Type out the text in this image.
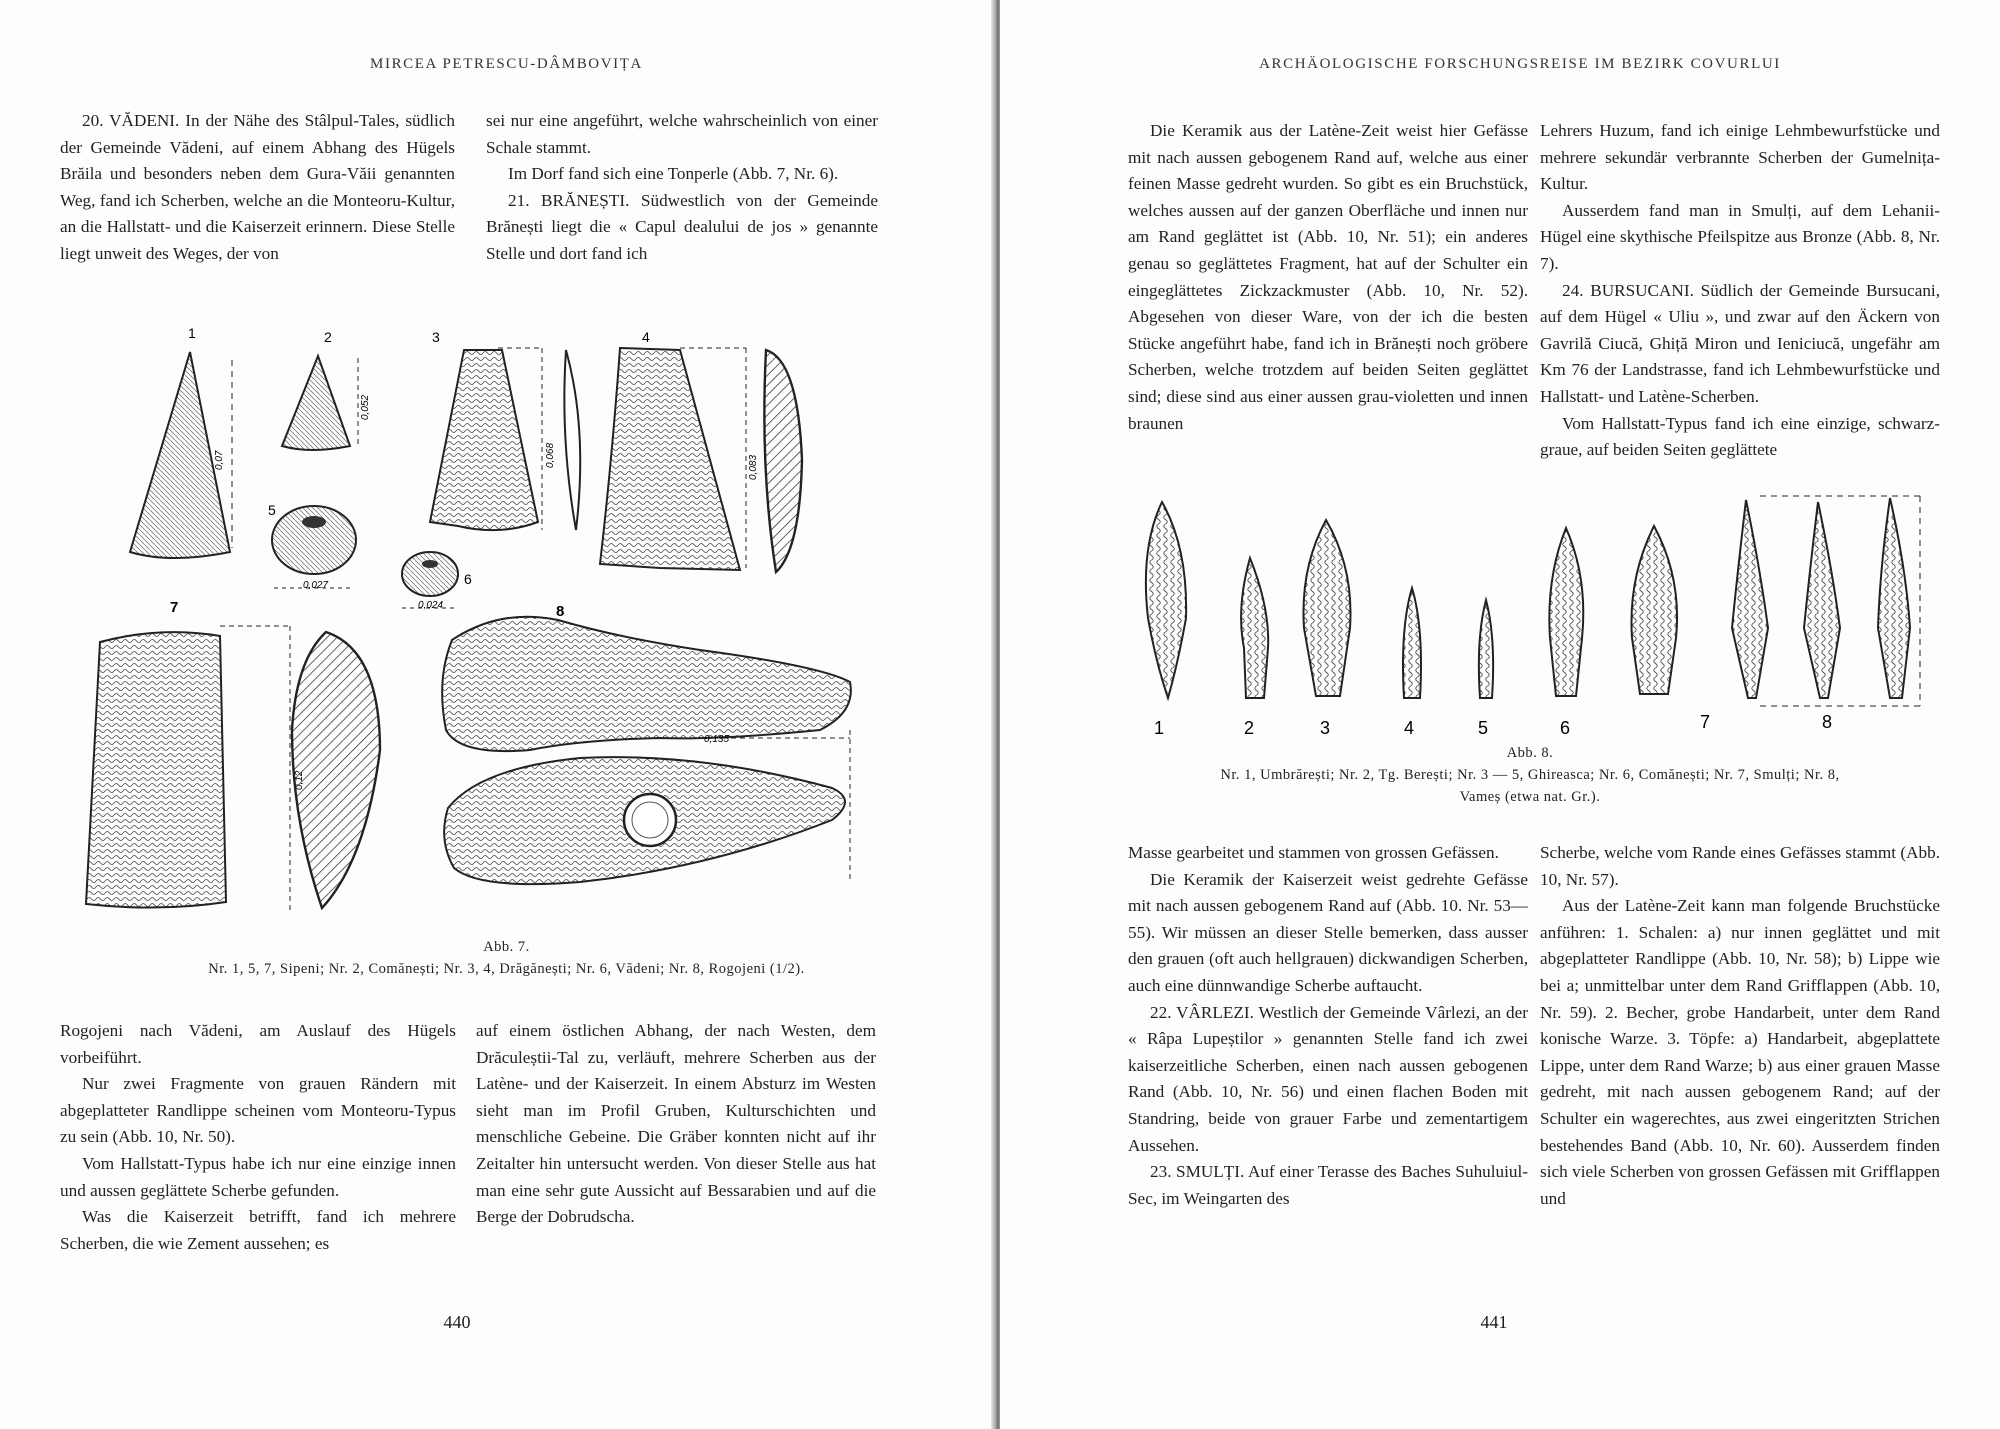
MIRCEA PETRESCU-DÂMBOVIȚA

20. VĂDENI. In der Nähe des Stâlpul-Tales, südlich der Gemeinde Vădeni, auf einem Abhang des Hügels Brăila und besonders neben dem Gura-Văii genannten Weg, fand ich Scherben, welche an die Monteoru-Kultur, an die Hallstatt- und die Kaiserzeit erinnern. Diese Stelle liegt unweit des Weges, der von

sei nur eine angeführt, welche wahrscheinlich von einer Schale stammt.

Im Dorf fand sich eine Tonperle (Abb. 7, Nr. 6).

21. BRĂNEȘTI. Südwestlich von der Gemeinde Brănești liegt die « Capul dealului de jos » genannte Stelle und dort fand ich

1
0,07
2
0,052
3
0,068
4
0,083
5
0,027	6
0,024
7	8
0,135
Abb. 7.
Nr. 1, 5, 7, Sipeni; Nr. 2, Comănești; Nr. 3, 4, Drăgănești; Nr. 6, Vădeni; Nr. 8, Rogojeni (1/2).

Rogojeni nach Vădeni, am Auslauf des Hügels vorbeiführt.

Nur zwei Fragmente von grauen Rändern mit abgeplatteter Randlippe scheinen vom Monteoru-Typus zu sein (Abb. 10, Nr. 50).

Vom Hallstatt-Typus habe ich nur eine einzige innen und aussen geglättete Scherbe gefunden.

Was die Kaiserzeit betrifft, fand ich mehrere Scherben, die wie Zement aussehen; es

auf einem östlichen Abhang, der nach Westen, dem Drăculeștii-Tal zu, verläuft, mehrere Scherben aus der Latène- und der Kaiserzeit. In einem Absturz im Westen sieht man im Profil Gruben, Kulturschichten und menschliche Gebeine. Die Gräber konnten nicht auf ihr Zeitalter hin untersucht werden. Von dieser Stelle aus hat man eine sehr gute Aussicht auf Bessarabien und auf die Berge der Dobrudscha.

440
ARCHÄOLOGISCHE FORSCHUNGSREISE IM BEZIRK COVURLUI

Die Keramik aus der Latène-Zeit weist hier Gefässe mit nach aussen gebogenem Rand auf, welche aus einer feinen Masse gedreht wurden. So gibt es ein Bruchstück, welches aussen auf der ganzen Oberfläche und innen nur am Rand geglättet ist (Abb. 10, Nr. 51); ein anderes genau so geglättetes Fragment, hat auf der Schulter ein eingeglättetes Zickzackmuster (Abb. 10, Nr. 52). Abgesehen von dieser Ware, von der ich die besten Stücke angeführt habe, fand ich in Brănești noch gröbere Scherben, welche trotzdem auf beiden Seiten geglättet sind; diese sind aus einer aussen grau-violetten und innen braunen

Lehrers Huzum, fand ich einige Lehmbewurfstücke und mehrere sekundär verbrannte Scherben der Gumelnița-Kultur.

Ausserdem fand man in Smulți, auf dem Lehanii-Hügel eine skythische Pfeilspitze aus Bronze (Abb. 8, Nr. 7).

24. BURSUCANI. Südlich der Gemeinde Bursucani, auf dem Hügel « Uliu », und zwar auf den Äckern von Gavrilă Ciucă, Ghiță Miron und Ieniciucă, ungefähr am Km 76 der Landstrasse, fand ich Lehmbewurfstücke und Hallstatt- und Latène-Scherben.

Vom Hallstatt-Typus fand ich eine einzige, schwarz-graue, auf beiden Seiten geglättete

1	2	3	4	5	6	7	8
Abb. 8.
Nr. 1, Umbrărești; Nr. 2, Tg. Berești; Nr. 3 — 5, Ghireasca; Nr. 6, Comănești; Nr. 7, Smulți; Nr. 8,
Vameș (etwa nat. Gr.).

Masse gearbeitet und stammen von grossen Gefässen.

Die Keramik der Kaiserzeit weist gedrehte Gefässe mit nach aussen gebogenem Rand auf (Abb. 10. Nr. 53—55). Wir müssen an dieser Stelle bemerken, dass ausser den grauen (oft auch hellgrauen) dickwandigen Scherben, auch eine dünnwandige Scherbe auftaucht.

22. VÂRLEZI. Westlich der Gemeinde Vârlezi, an der « Râpa Lupeștilor » genannten Stelle fand ich zwei kaiserzeitliche Scherben, einen nach aussen gebogenen Rand (Abb. 10, Nr. 56) und einen flachen Boden mit Standring, beide von grauer Farbe und zementartigem Aussehen.

23. SMULȚI. Auf einer Terasse des Baches Suhuluiul-Sec, im Weingarten des

Scherbe, welche vom Rande eines Gefässes stammt (Abb. 10, Nr. 57).

Aus der Latène-Zeit kann man folgende Bruchstücke anführen: 1. Schalen: a) nur innen geglättet und mit abgeplatteter Randlippe (Abb. 10, Nr. 58); b) Lippe wie bei a; unmittelbar unter dem Rand Grifflappen (Abb. 10, Nr. 59). 2. Becher, grobe Handarbeit, unter dem Rand konische Warze. 3. Töpfe: a) Handarbeit, abgeplattete Lippe, unter dem Rand Warze; b) aus einer grauen Masse gedreht, mit nach aussen gebogenem Rand; auf der Schulter ein wagerechtes, aus zwei eingeritzten Strichen bestehendes Band (Abb. 10, Nr. 60). Ausserdem finden sich viele Scherben von grossen Gefässen mit Grifflappen und

441
